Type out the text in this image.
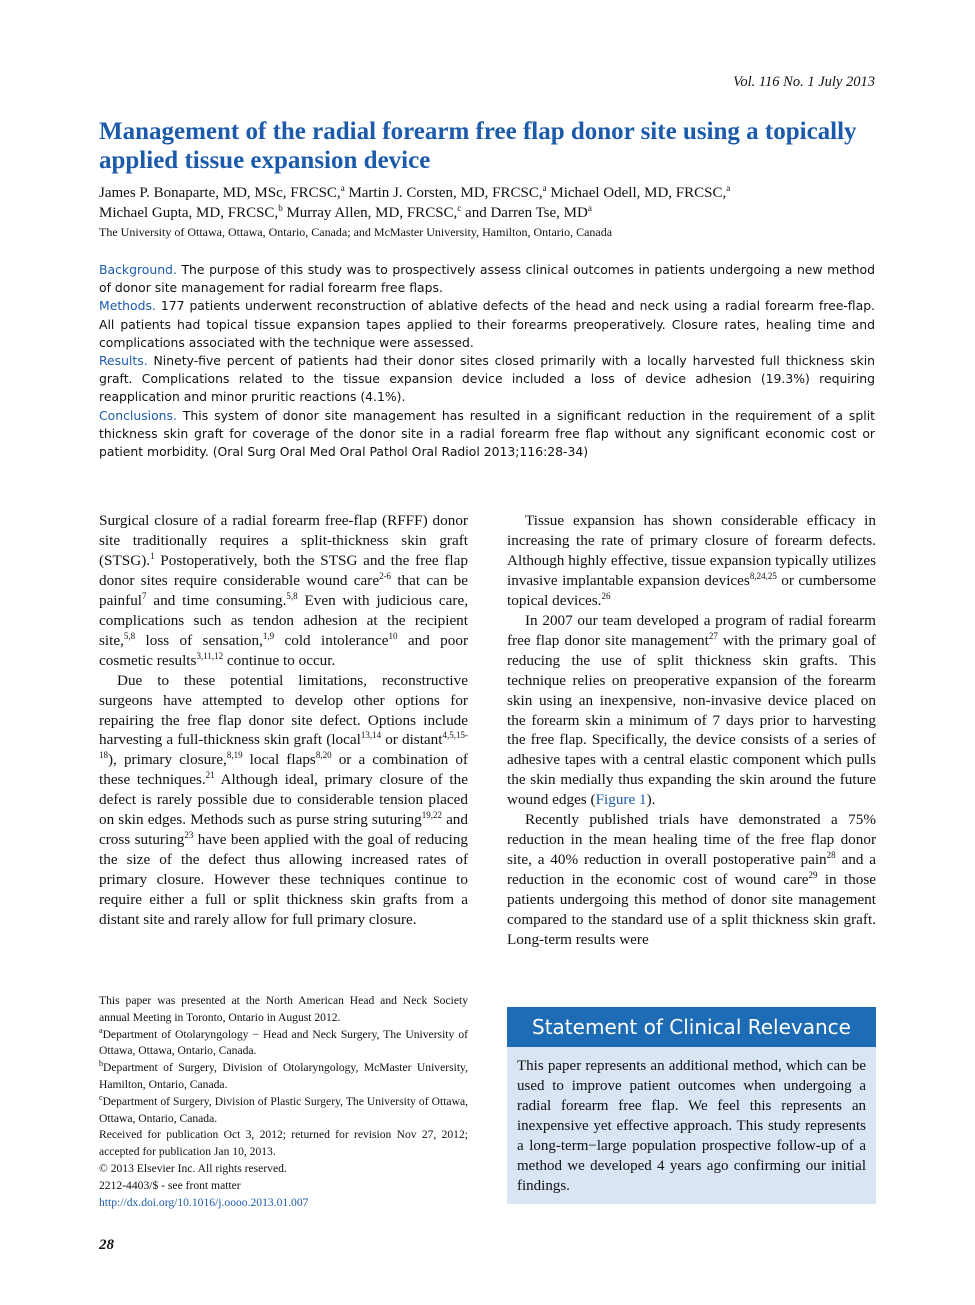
Vol. 116 No. 1 July 2013
Management of the radial forearm free flap donor site using a topically applied tissue expansion device
James P. Bonaparte, MD, MSc, FRCSC,$^a$ Martin J. Corsten, MD, FRCSC,$^a$ Michael Odell, MD, FRCSC,$^a$
Michael Gupta, MD, FRCSC,$^b$ Murray Allen, MD, FRCSC,$^c$ and Darren Tse, $MD^a$
The University of Ottawa, Ottawa, Ontario, Canada; and McMaster University, Hamilton, Ontario, Canada

Background. The purpose of this study was to prospectively assess clinical outcomes in patients undergoing a new method of donor site management for radial forearm free flaps.

Methods. 177 patients underwent reconstruction of ablative defects of the head and neck using a radial forearm free-flap. All patients had topical tissue expansion tapes applied to their forearms preoperatively. Closure rates, healing time and complications associated with the technique were assessed.

Results. Ninety-five percent of patients had their donor sites closed primarily with a locally harvested full thickness skin graft. Complications related to the tissue expansion device included a loss of device adhesion (19.3%) requiring reapplication and minor pruritic reactions (4.1%).

Conclusions. This system of donor site management has resulted in a significant reduction in the requirement of a split thickness skin graft for coverage of the donor site in a radial forearm free flap without any significant economic cost or patient morbidity. (Oral Surg Oral Med Oral Pathol Oral Radiol 2013;116:28-34)

Surgical closure of a radial forearm free-flap (RFFF) donor site traditionally requires a split-thickness skin graft (STSG).$^1$ Postoperatively, both the STSG and the free flap donor sites require considerable wound care$^{2-6}$ that can be painful$^7$ and time consuming.$^{5,8}$ Even with judicious care, complications such as tendon adhesion at the recipient site,$^{5,8}$ loss of sensation,$^{1,9}$ cold intolerance$^{10}$ and poor cosmetic results$^{3,11,12}$ continue to occur.

Due to these potential limitations, reconstructive surgeons have attempted to develop other options for repairing the free flap donor site defect. Options include harvesting a full-thickness skin graft (local$^{13,14}$ or distant$^{4,5,15-18}$), primary closure,$^{8,19}$ local flaps$^{8,20}$ or a combination of these techniques.$^{21}$ Although ideal, primary closure of the defect is rarely possible due to considerable tension placed on skin edges. Methods such as purse string suturing$^{19,22}$ and cross suturing$^{23}$ have been applied with the goal of reducing the size of the defect thus allowing increased rates of primary closure. However these techniques continue to require either a full or split thickness skin grafts from a distant site and rarely allow for full primary closure.

Tissue expansion has shown considerable efficacy in increasing the rate of primary closure of forearm defects. Although highly effective, tissue expansion typically utilizes invasive implantable expansion devices$^{8,24,25}$ or cumbersome topical devices.$^{26}$

In 2007 our team developed a program of radial forearm free flap donor site management$^{27}$ with the primary goal of reducing the use of split thickness skin grafts. This technique relies on preoperative expansion of the forearm skin using an inexpensive, non-invasive device placed on the forearm skin a minimum of 7 days prior to harvesting the free flap. Specifically, the device consists of a series of adhesive tapes with a central elastic component which pulls the skin medially thus expanding the skin around the future wound edges (Figure 1).

Recently published trials have demonstrated a 75% reduction in the mean healing time of the free flap donor site, a 40% reduction in overall postoperative pain$^{28}$ and a reduction in the economic cost of wound care$^{29}$ in those patients undergoing this method of donor site management compared to the standard use of a split thickness skin graft. Long-term results were

This paper was presented at the North American Head and Neck Society annual Meeting in Toronto, Ontario in August 2012.

$^a$Department of Otolaryngology − Head and Neck Surgery, The University of Ottawa, Ottawa, Ontario, Canada.

$^b$Department of Surgery, Division of Otolaryngology, McMaster University, Hamilton, Ontario, Canada.

$^c$Department of Surgery, Division of Plastic Surgery, The University of Ottawa, Ottawa, Ontario, Canada.

Received for publication Oct 3, 2012; returned for revision Nov 27, 2012; accepted for publication Jan 10, 2013.

© 2013 Elsevier Inc. All rights reserved.

2212-4403/$ - see front matter

http://dx.doi.org/10.1016/j.oooo.2013.01.007

Statement of Clinical Relevance
This paper represents an additional method, which can be used to improve patient outcomes when undergoing a radial forearm free flap. We feel this represents an inexpensive yet effective approach. This study represents a long-term−large population prospective follow-up of a method we developed 4 years ago confirming our initial findings.
28
